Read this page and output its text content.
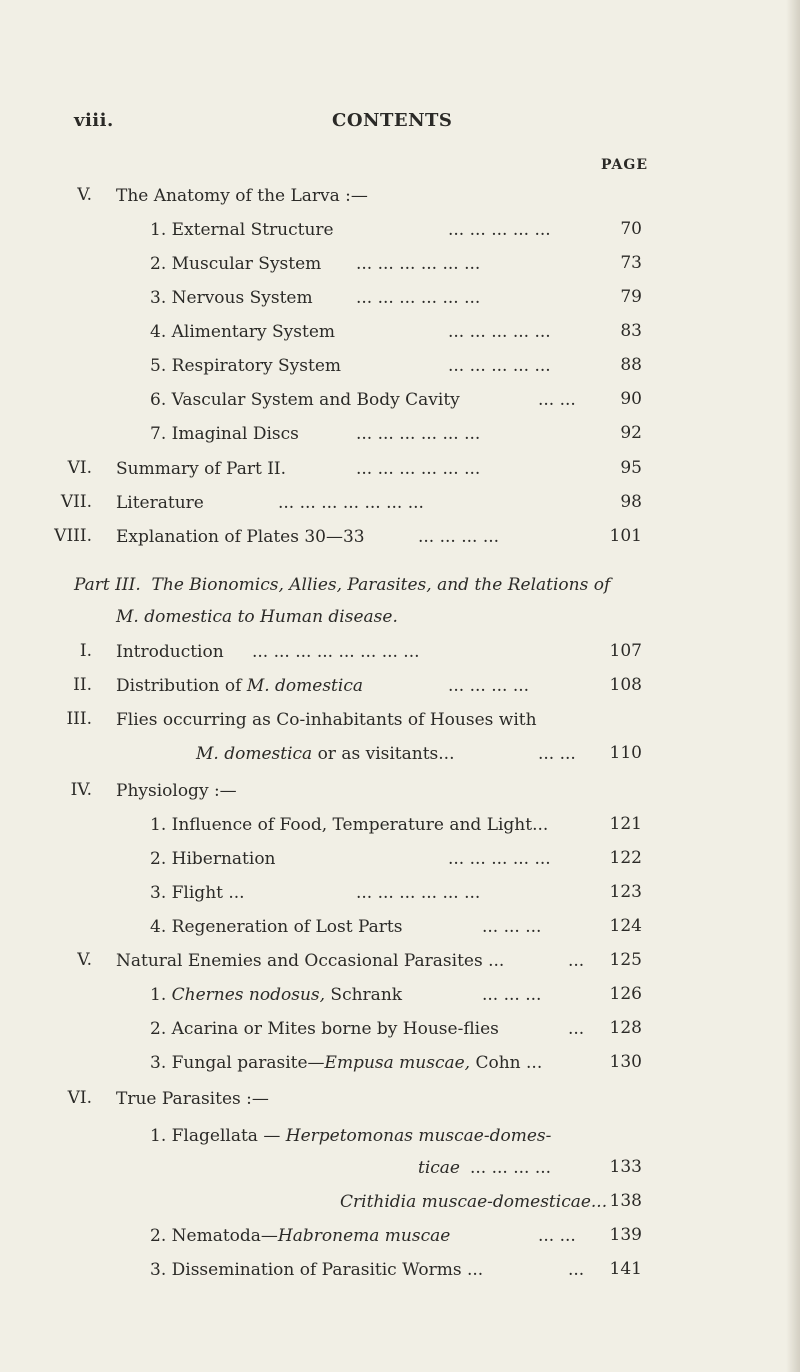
viii.	CONTENTS
PAGE
V. The Anatomy of the Larva :—
1. External Structure	... ... ... ... ...	70
2. Muscular System ... ... ... ... ... ...	73
3. Nervous System	... ... ... ... ... ...	79
4. Alimentary System	... ... ... ... ...	83
5. Respiratory System	... ... ... ... ...	88
6. Vascular System and Body Cavity	... ...	90
7. Imaginal Discs	... ... ... ... ... ...	92
VI. Summary of Part II.	... ... ... ... ... ...	95
VII. Literature	... ... ... ... ... ... ...	98
VIII. Explanation of Plates 30—33	... ... ... ...	101
Part III. The Bionomics, Allies, Parasites, and the Relations of
M. domestica to Human disease.
I. Introduction ... ... ... ... ... ... ... ...	107
II. Distribution of M. domestica	... ... ... ...	108
III. Flies occurring as Co-inhabitants of Houses with
M. domestica or as visitants...	... ...	110
IV. Physiology :—
1. Influence of Food, Temperature and Light...	121
2. Hibernation	... ... ... ... ...	122
3. Flight ...	... ... ... ... ... ...	123
4. Regeneration of Lost Parts	... ... ...	124
V. Natural Enemies and Occasional Parasites ...	...	125
1. Chernes nodosus, Schrank	... ... ...	126
2. Acarina or Mites borne by House-flies	...	128
3. Fungal parasite—Empusa muscae, Cohn ...	130
VI. True Parasites :—
1. Flagellata — Herpetomonas muscae-domes-
ticae ... ... ... ...	133
Crithidia muscae-domesticae... 138
2. Nematoda—Habronema muscae	... ...	139
3. Dissemination of Parasitic Worms ...	...	141
